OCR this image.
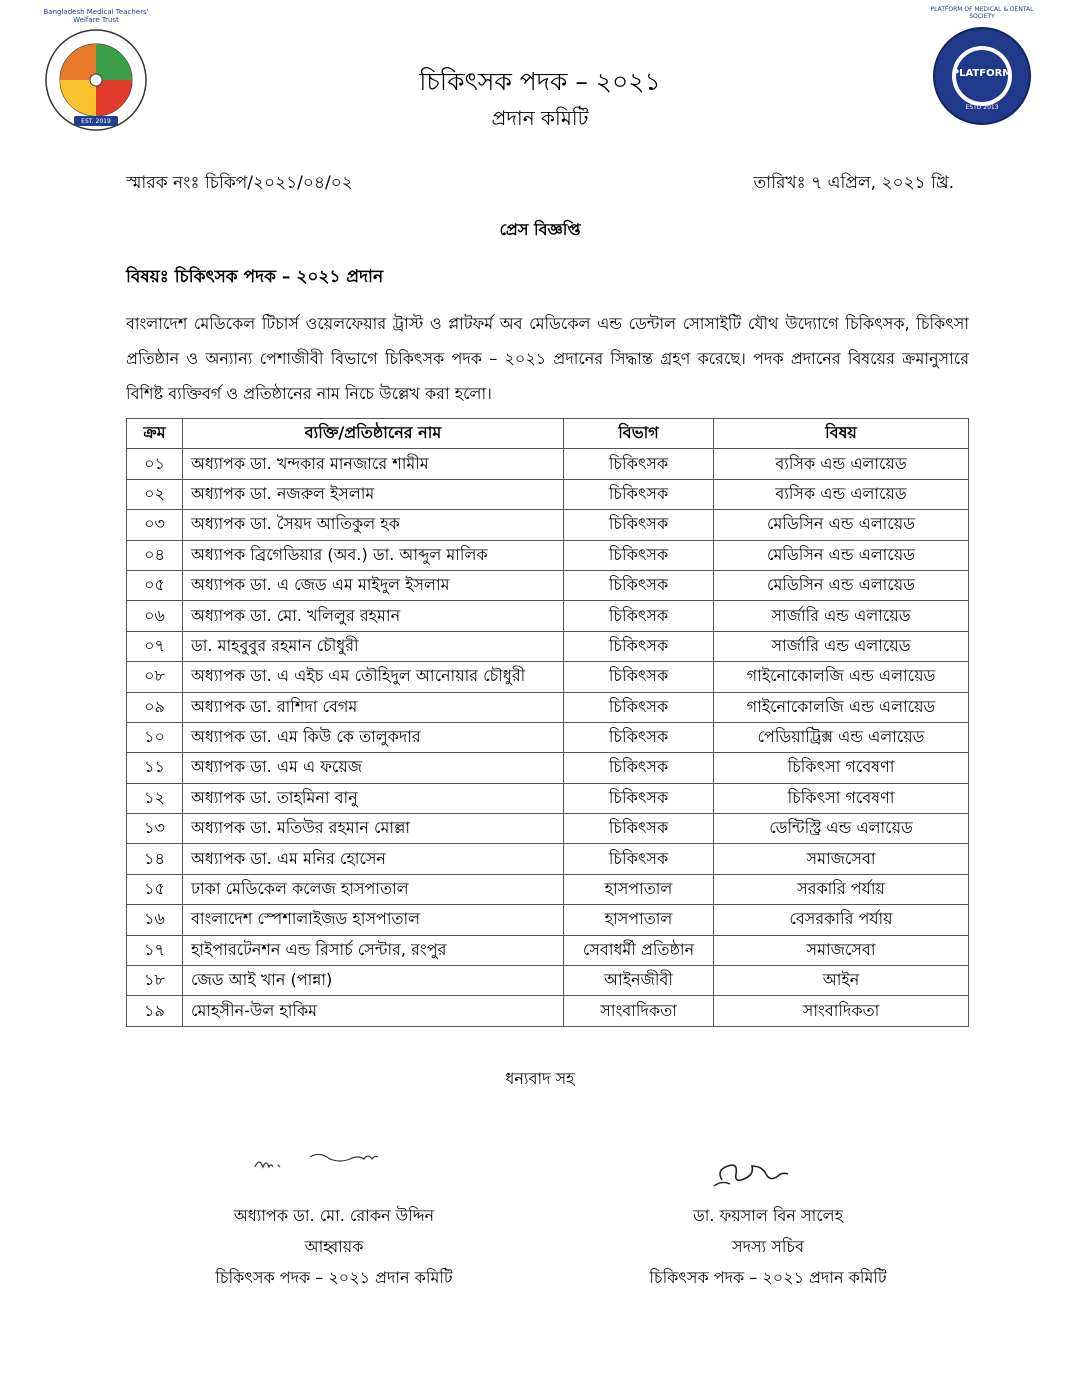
EST. 2019
Bangladesh Medical Teachers' Welfare Trust
PLATFORM
ESTD 2013
PLATFORM OF MEDICAL & DENTAL SOCIETY
চিকিৎসক পদক – ২০২১
প্রদান কমিটি
স্মারক নংঃ চিকিপ/২০২১/০৪/০২	তারিখঃ ৭ এপ্রিল, ২০২১ খ্রি.
প্রেস বিজ্ঞপ্তি
বিষয়ঃ চিকিৎসক পদক – ২০২১ প্রদান
বাংলাদেশ মেডিকেল টিচার্স ওয়েলফেয়ার ট্রাস্ট ও প্লাটফর্ম অব মেডিকেল এন্ড ডেন্টাল সোসাইটি যৌথ উদ্যোগে চিকিৎসক, চিকিৎসা প্রতিষ্ঠান ও অন্যান্য পেশাজীবী বিভাগে চিকিৎসক পদক – ২০২১ প্রদানের সিদ্ধান্ত গ্রহণ করেছে। পদক প্রদানের বিষয়ের ক্রমানুসারে বিশিষ্ট ব্যক্তিবর্গ ও প্রতিষ্ঠানের নাম নিচে উল্লেখ করা হলো।
ক্রম	ব্যক্তি/প্রতিষ্ঠানের নাম	বিভাগ	বিষয়
০১	অধ্যাপক ডা. খন্দকার মানজারে শামীম	চিকিৎসক	ব্যসিক এন্ড এলায়েড
০২	অধ্যাপক ডা. নজরুল ইসলাম	চিকিৎসক	ব্যসিক এন্ড এলায়েড
০৩	অধ্যাপক ডা. সৈয়দ আতিকুল হক	চিকিৎসক	মেডিসিন এন্ড এলায়েড
০৪	অধ্যাপক ব্রিগেডিয়ার (অব.) ডা. আব্দুল মালিক	চিকিৎসক	মেডিসিন এন্ড এলায়েড
০৫	অধ্যাপক ডা. এ জেড এম মাইদুল ইসলাম	চিকিৎসক	মেডিসিন এন্ড এলায়েড
০৬	অধ্যাপক ডা. মো. খলিলুর রহমান	চিকিৎসক	সার্জারি এন্ড এলায়েড
০৭	ডা. মাহবুবুর রহমান চৌধুরী	চিকিৎসক	সার্জারি এন্ড এলায়েড
০৮	অধ্যাপক ডা. এ এইচ এম তৌহিদুল আনোয়ার চৌধুরী	চিকিৎসক	গাইনোকোলজি এন্ড এলায়েড
০৯	অধ্যাপক ডা. রাশিদা বেগম	চিকিৎসক	গাইনোকোলজি এন্ড এলায়েড
১০	অধ্যাপক ডা. এম কিউ কে তালুকদার	চিকিৎসক	পেডিয়াট্রিক্স এন্ড এলায়েড
১১	অধ্যাপক ডা. এম এ ফয়েজ	চিকিৎসক	চিকিৎসা গবেষণা
১২	অধ্যাপক ডা. তাহমিনা বানু	চিকিৎসক	চিকিৎসা গবেষণা
১৩	অধ্যাপক ডা. মতিউর রহমান মোল্লা	চিকিৎসক	ডেন্টিস্ট্রি এন্ড এলায়েড
১৪	অধ্যাপক ডা. এম মনির হোসেন	চিকিৎসক	সমাজসেবা
১৫	ঢাকা মেডিকেল কলেজ হাসপাতাল	হাসপাতাল	সরকারি পর্যায়
১৬	বাংলাদেশ স্পেশালাইজড হাসপাতাল	হাসপাতাল	বেসরকারি পর্যায়
১৭	হাইপারটেনশন এন্ড রিসার্চ সেন্টার, রংপুর	সেবাধর্মী প্রতিষ্ঠান	সমাজসেবা
১৮	জেড আই খান (পান্না)	আইনজীবী	আইন
১৯	মোহসীন-উল হাকিম	সাংবাদিকতা	সাংবাদিকতা
ধন্যবাদ সহ
অধ্যাপক ডা. মো. রোকন উদ্দিন
আহ্বায়ক
চিকিৎসক পদক – ২০২১ প্রদান কমিটি
ডা. ফয়সাল বিন সালেহ
সদস্য সচিব
চিকিৎসক পদক – ২০২১ প্রদান কমিটি
